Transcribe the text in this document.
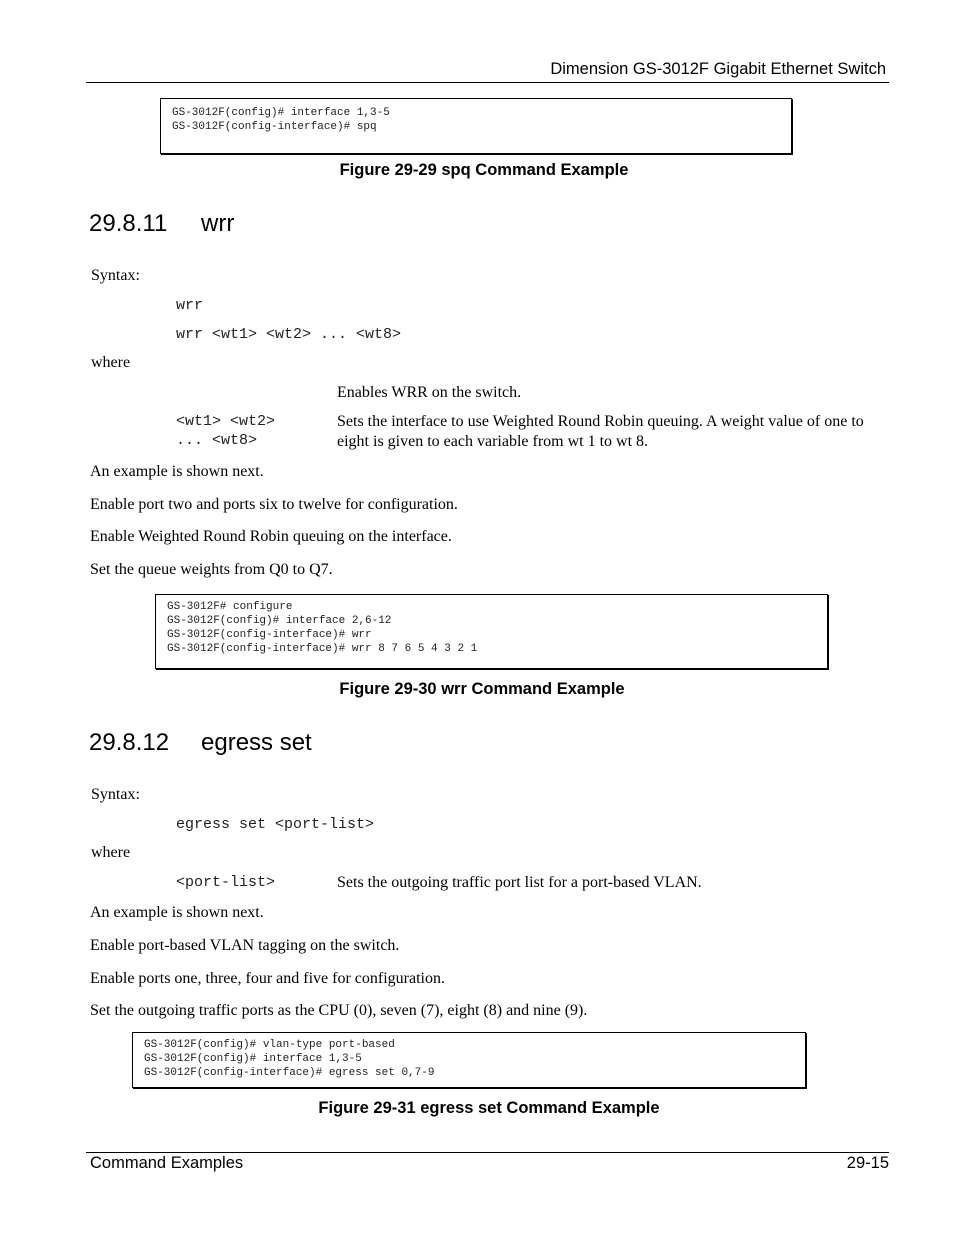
Dimension GS-3012F Gigabit Ethernet Switch
GS-3012F(config)# interface 1,3-5
GS-3012F(config-interface)# spq
Figure 29-29 spq Command Example
29.8.11 wrr
Syntax:
wrr
wrr <wt1> <wt2> ... <wt8>
where
Enables WRR on the switch.
<wt1> <wt2>
... <wt8>
Sets the interface to use Weighted Round Robin queuing. A weight value of one to eight is given to each variable from wt 1 to wt 8.
An example is shown next.
Enable port two and ports six to twelve for configuration.
Enable Weighted Round Robin queuing on the interface.
Set the queue weights from Q0 to Q7.
GS-3012F# configure
GS-3012F(config)# interface 2,6-12
GS-3012F(config-interface)# wrr
GS-3012F(config-interface)# wrr 8 7 6 5 4 3 2 1
Figure 29-30 wrr Command Example
29.8.12 egress set
Syntax:
egress set <port-list>
where
<port-list>	Sets the outgoing traffic port list for a port-based VLAN.
An example is shown next.
Enable port-based VLAN tagging on the switch.
Enable ports one, three, four and five for configuration.
Set the outgoing traffic ports as the CPU (0), seven (7), eight (8) and nine (9).
GS-3012F(config)# vlan-type port-based
GS-3012F(config)# interface 1,3-5
GS-3012F(config-interface)# egress set 0,7-9
Figure 29-31 egress set Command Example
Command Examples	29-15
